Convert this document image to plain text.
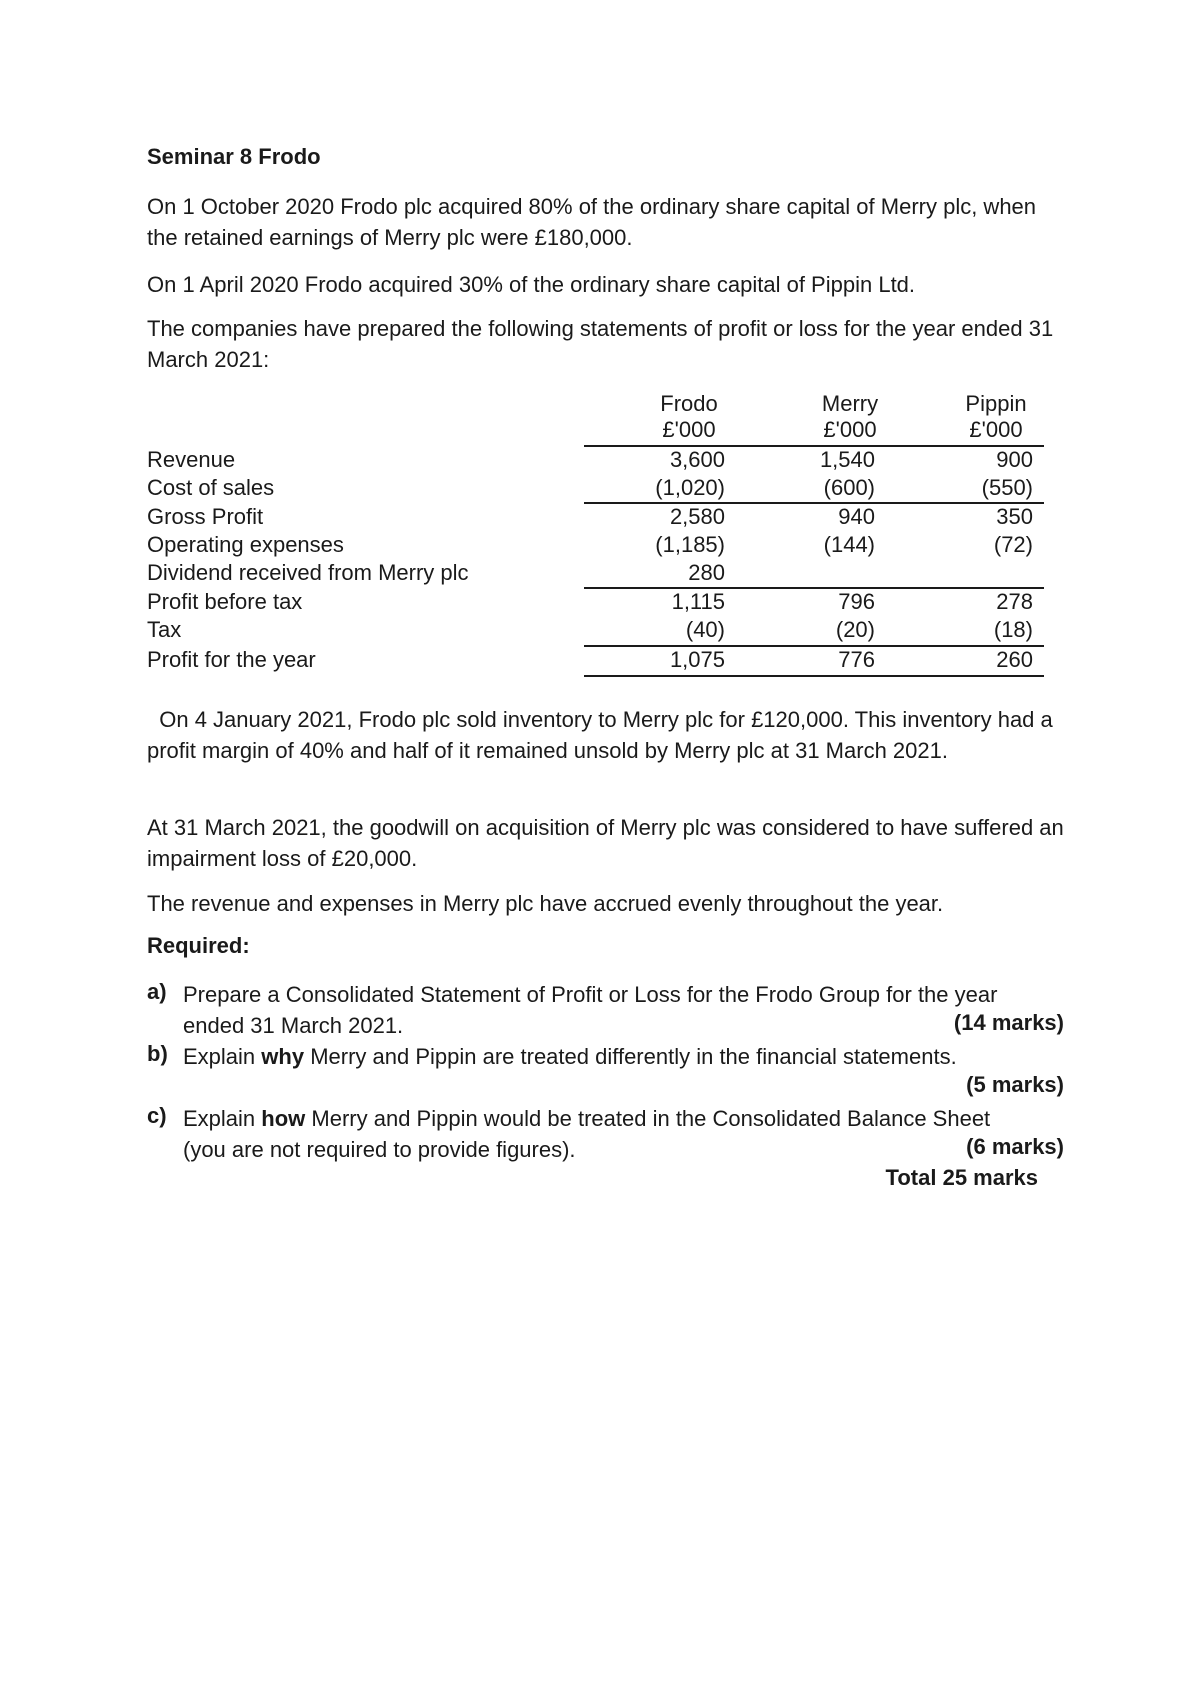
Seminar 8 Frodo

On 1 October 2020 Frodo plc acquired 80% of the ordinary share capital of Merry plc, when the retained earnings of Merry plc were £180,000.

On 1 April 2020 Frodo acquired 30% of the ordinary share capital of Pippin Ltd.

The companies have prepared the following statements of profit or loss for the year ended 31 March 2021:

Frodo	Merry	Pippin
£'000	£'000	£'000
Revenue	3,600	1,540	900
Cost of sales	(1,020)	(600)	(550)
Gross Profit	2,580	940	350
Operating expenses	(1,185)	(144)	(72)
Dividend received from Merry plc	280
Profit before tax	1,115	796	278
Tax	(40)	(20)	(18)
Profit for the year	1,075	776	260

On 4 January 2021, Frodo plc sold inventory to Merry plc for £120,000. This inventory had a profit margin of 40% and half of it remained unsold by Merry plc at 31 March 2021.

At 31 March 2021, the goodwill on acquisition of Merry plc was considered to have suffered an impairment loss of £20,000.

The revenue and expenses in Merry plc have accrued evenly throughout the year.

Required:
a) Prepare a Consolidated Statement of Profit or Loss for the Frodo Group for the year ended 31 March 2021.	(14 marks)
b) Explain why Merry and Pippin are treated differently in the financial statements.
(5 marks)
c) Explain how Merry and Pippin would be treated in the Consolidated Balance Sheet (you are not required to provide figures).	(6 marks)
Total 25 marks
